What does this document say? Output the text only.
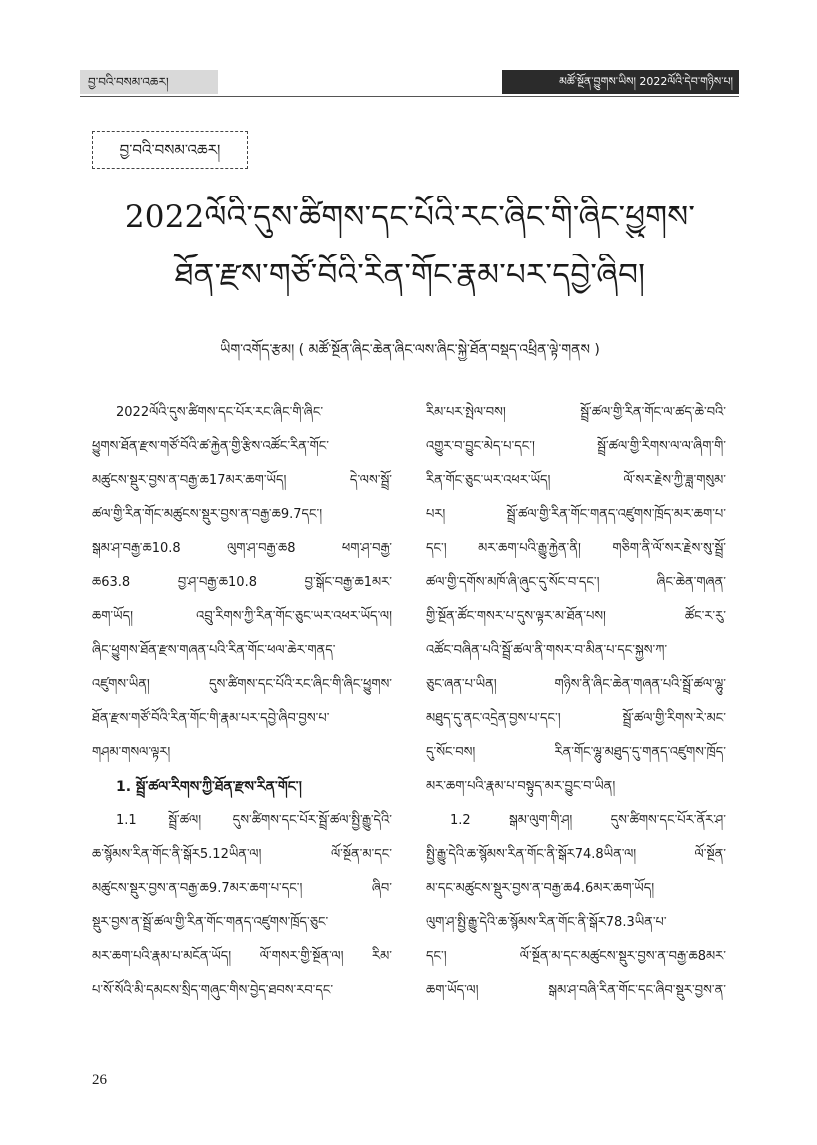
བྱ་བའི་བསམ་འཆར།	མཚོ་སྔོན་བྱུགས་ཡིས། 2022ལོའི་དེབ་གཉིས་པ།
བྱ་བའི་བསམ་འཆར།
2022ལོའི་དུས་ཚིགས་དང་པོའི་རང་ཞིང་གི་ཞིང་ཕྱུགས་
ཐོན་རྫས་གཙོ་བོའི་རིན་གོང་རྣམ་པར་དབྱེ་ཞིབ།
ཡིག་འགོད་རྩམ། ( མཚོ་སྔོན་ཞིང་ཆེན་ཞིང་ལས་ཞིང་སྐྱེ་ཐོན་བསྡད་འཕྲིན་ལྟེ་གནས )
2022ལོའི་དུས་ཚིགས་དང་པོར་རང་ཞིང་གི་ཞིང་
ཕྱུགས་ཐོན་རྫས་གཙོ་བོའི་ཚ་རྐྱེན་གྱི་རྩིས་འཚོང་རིན་གོང་
མཚུངས་སྡུར་བྱས་ན་བརྒྱ་ཆ17མར་ཆག་ཡོད། དེ་ལས་སྦྲོ་
ཚལ་གྱི་རིན་གོང་མཚུངས་སྡུར་བྱས་ན་བརྒྱ་ཆ9.7དང་།
སྒམ་ཤ་བརྒྱ་ཆ10.8 ལུག་ཤ་བརྒྱ་ཆ8 ཕག་ཤ་བརྒྱ་
ཆ63.8 བྱ་ཤ་བརྒྱ་ཆ10.8 བྱ་སྒོང་བརྒྱ་ཆ1མར་
ཆག་ཡོད། འབྲུ་རིགས་ཀྱི་རིན་གོང་ཅུང་ཡར་འཕར་ཡོད་ལ།
ཞིང་ཕྱུགས་ཐོན་རྫས་གཞན་པའི་རིན་གོང་ཕལ་ཆེར་གནད་
འཛུགས་ཡིན། དུས་ཚིགས་དང་པོའི་རང་ཞིང་གི་ཞིང་ཕྱུགས་
ཐོན་རྫས་གཙོ་བོའི་རིན་གོང་གི་རྣམ་པར་དབྱེ་ཞིབ་བྱས་པ་
གཤམ་གསལ་ལྟར།
1. སྦྲོ་ཚལ་རིགས་ཀྱི་ཐོན་རྫས་རིན་གོང་།
1.1 སྦྲོ་ཚལ། དུས་ཚིགས་དང་པོར་སྦྲོ་ཚལ་སྤྱི་རྒྱུ་དེའི་
ཆ་སྙོམས་རིན་གོང་ནི་སྒོར5.12ཡིན་ལ། ལོ་སྔོན་མ་དང་
མཚུངས་སྡུར་བྱས་ན་བརྒྱ་ཆ9.7མར་ཆག་པ་དང་། ཞིབ་
སྡུར་བྱས་ན་སྦྲོ་ཚལ་གྱི་རིན་གོང་གནད་འཛུགས་ཁྲོད་ཅུང་
མར་ཆག་པའི་རྣམ་པ་མངོན་ཡོད། ལོ་གསར་གྱི་སྔོན་ལ། རིམ་
པ་སོ་སོའི་མི་དམངས་སྲིད་གཞུང་གིས་བྱེད་ཐབས་རབ་དང་
རིམ་པར་སྤེལ་བས། སྦྲོ་ཚལ་གྱི་རིན་གོང་ལ་ཚད་ཆེ་བའི་
འགྱུར་བ་བྱུང་མེད་པ་དང་། སྦྲོ་ཚལ་གྱི་རིགས་ལ་ལ་ཞིག་གི་
རིན་གོང་ཅུང་ཡར་འཕར་ཡོད། ལོ་སར་རྗེས་ཀྱི་ཟླ་གསུམ་
པར། སྦྲོ་ཚལ་གྱི་རིན་གོང་གནད་འཛུགས་ཁྲོད་མར་ཆག་པ་
དང་། མར་ཆག་པའི་རྒྱུ་རྐྱེན་ནི། གཅིག་ནི་ལོ་སར་རྗེས་སུ་སྦྲོ་
ཚལ་གྱི་དགོས་མཁོ་ཞི་ཞུང་དུ་སོང་བ་དང་། ཞིང་ཆེན་གཞན་
གྱི་སྔོན་ཚོང་གསར་པ་དུས་ལྟར་མ་ཐོན་པས། ཚོང་ར་རུ་
འཚོང་བཞིན་པའི་སྦྲོ་ཚལ་ནི་གསར་བ་མིན་པ་དང་སྐྱས་ཀ་
ཅུང་ཞན་པ་ཡིན། གཉིས་ནི་ཞིང་ཆེན་གཞན་པའི་སྦྲོ་ཚལ་ལྷུ་
མཐུད་དུ་ནང་འདྲེན་བྱས་པ་དང་། སྦྲོ་ཚལ་གྱི་རིགས་རེ་མང་
དུ་སོང་བས། རིན་གོང་ལྷུ་མཐུད་དུ་གནད་འཛུགས་ཁྲོད་
མར་ཆག་པའི་རྣམ་པ་བསྟུད་མར་བྱུང་བ་ཡིན།
1.2 སྒམ་ལུག་གི་ཤ། དུས་ཚིགས་དང་པོར་ནོར་ཤ་
སྤྱི་རྒྱུ་དེའི་ཆ་སྙོམས་རིན་གོང་ནི་སྒོར74.8ཡིན་ལ། ལོ་སྔོན་
མ་དང་མཚུངས་སྡུར་བྱས་ན་བརྒྱ་ཆ4.6མར་ཆག་ཡོད།
ལུག་ཤ་སྤྱི་རྒྱུ་དེའི་ཆ་སྙོམས་རིན་གོང་ནི་སྒོར78.3ཡིན་པ་
དང་། ལོ་སྔོན་མ་དང་མཚུངས་སྡུར་བྱས་ན་བརྒྱ་ཆ8མར་
ཆག་ཡོད་ལ། སྒམ་ཤ་བཞི་རིན་གོང་དང་ཞིབ་སྡུར་བྱས་ན་
26
